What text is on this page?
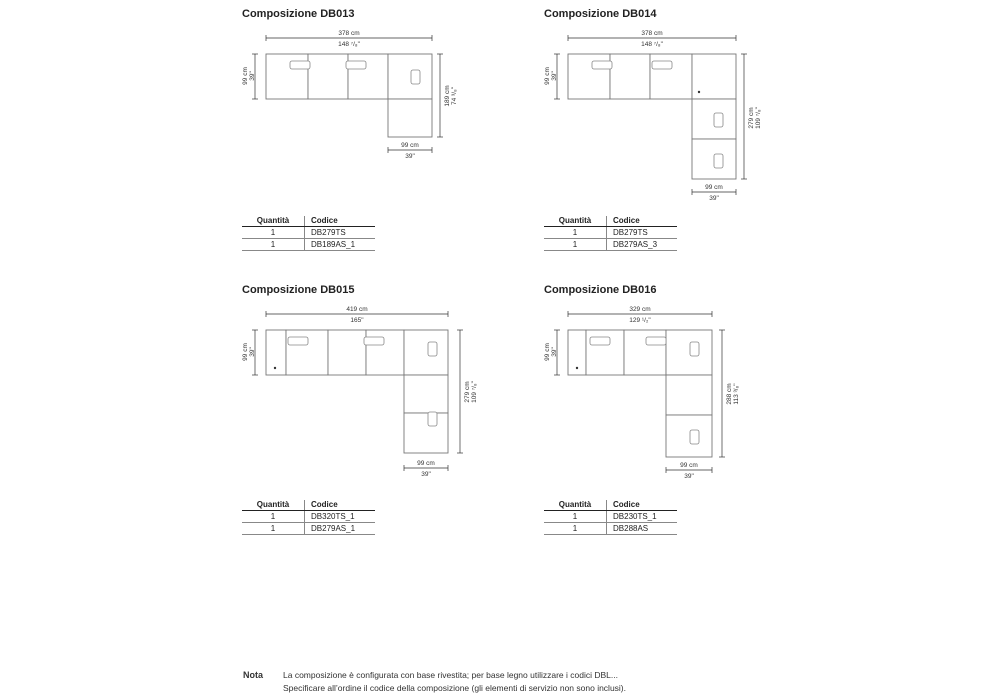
Composizione DB013
378 cm
148 ⁷/₈"
99 cm 39"
189 cm 74 ³/₈"
99 cm
39"
Quantità	Codice
1	DB279TS
1	DB189AS_1
Composizione DB014
378 cm
148 ⁷/₈"
99 cm 39"
279 cm 109 ⁷/₈"
99 cm
39"
Quantità	Codice
1	DB279TS
1	DB279AS_3
Composizione DB015
419 cm
165"
99 cm 39"
279 cm 109 ⁷/₈"
99 cm
39"
Quantità	Codice
1	DB320TS_1
1	DB279AS_1
Composizione DB016
329 cm
129 ¹/₂"
99 cm 39"
288 cm 113 ³/₈"
99 cm
39"
Quantità	Codice
1	DB230TS_1
1	DB288AS
Nota La composizione è configurata con base rivestita; per base legno utilizzare i codici DBL...
Specificare all’ordine il codice della composizione (gli elementi di servizio non sono inclusi).
